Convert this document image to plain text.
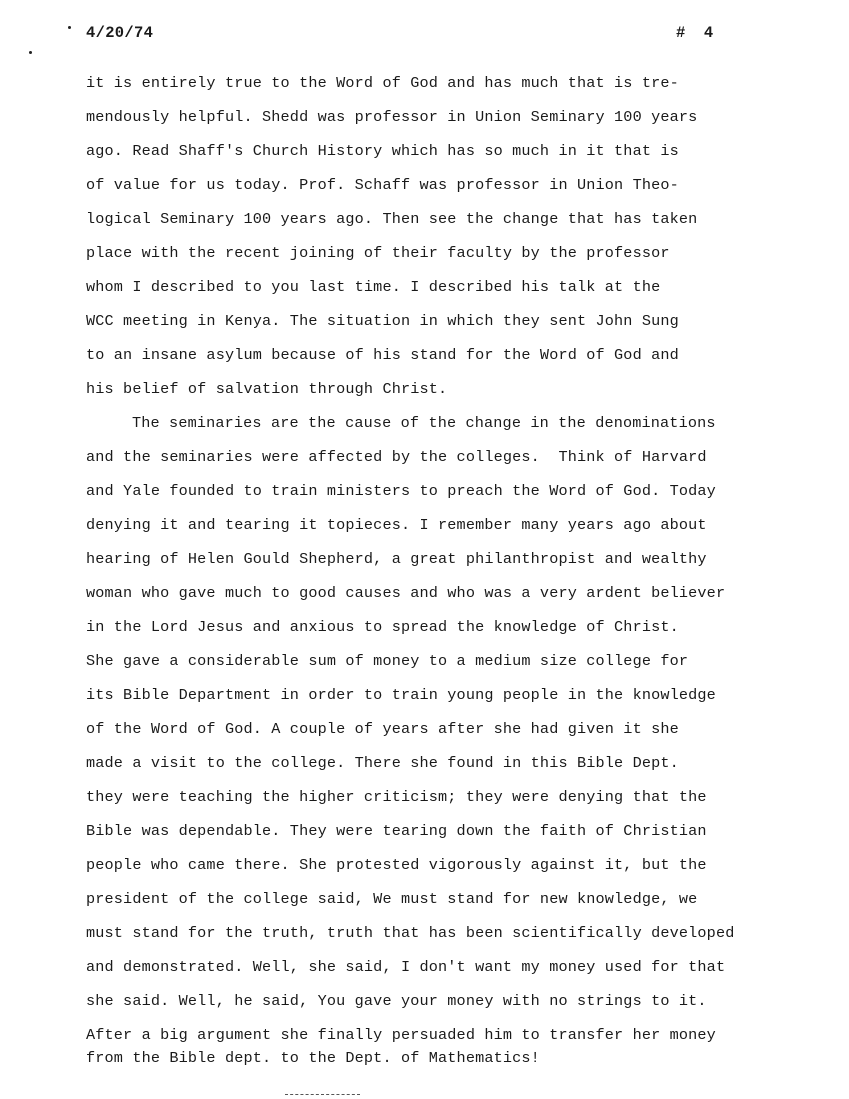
4/20/74	#  4
it is entirely true to the Word of God and has much that is tre-
mendously helpful. Shedd was professor in Union Seminary 100 years
ago. Read Shaff's Church History which has so much in it that is
of value for us today. Prof. Schaff was professor in Union Theo-
logical Seminary 100 years ago. Then see the change that has taken
place with the recent joining of their faculty by the professor
whom I described to you last time. I described his talk at the
WCC meeting in Kenya. The situation in which they sent John Sung
to an insane asylum because of his stand for the Word of God and
his belief of salvation through Christ.
The seminaries are the cause of the change in the denominations
and the seminaries were affected by the colleges.  Think of Harvard
and Yale founded to train ministers to preach the Word of God. Today
denying it and tearing it topieces. I remember many years ago about
hearing of Helen Gould Shepherd, a great philanthropist and wealthy
woman who gave much to good causes and who was a very ardent believer
in the Lord Jesus and anxious to spread the knowledge of Christ.
She gave a considerable sum of money to a medium size college for
its Bible Department in order to train young people in the knowledge
of the Word of God. A couple of years after she had given it she
made a visit to the college. There she found in this Bible Dept.
they were teaching the higher criticism; they were denying that the
Bible was dependable. They were tearing down the faith of Christian
people who came there. She protested vigorously against it, but the
president of the college said, We must stand for new knowledge, we
must stand for the truth, truth that has been scientifically developed
and demonstrated. Well, she said, I don't want my money used for that
she said. Well, he said, You gave your money with no strings to it.
After a big argument she finally persuaded him to transfer her money
from the Bible dept. to the Dept. of Mathematics!
